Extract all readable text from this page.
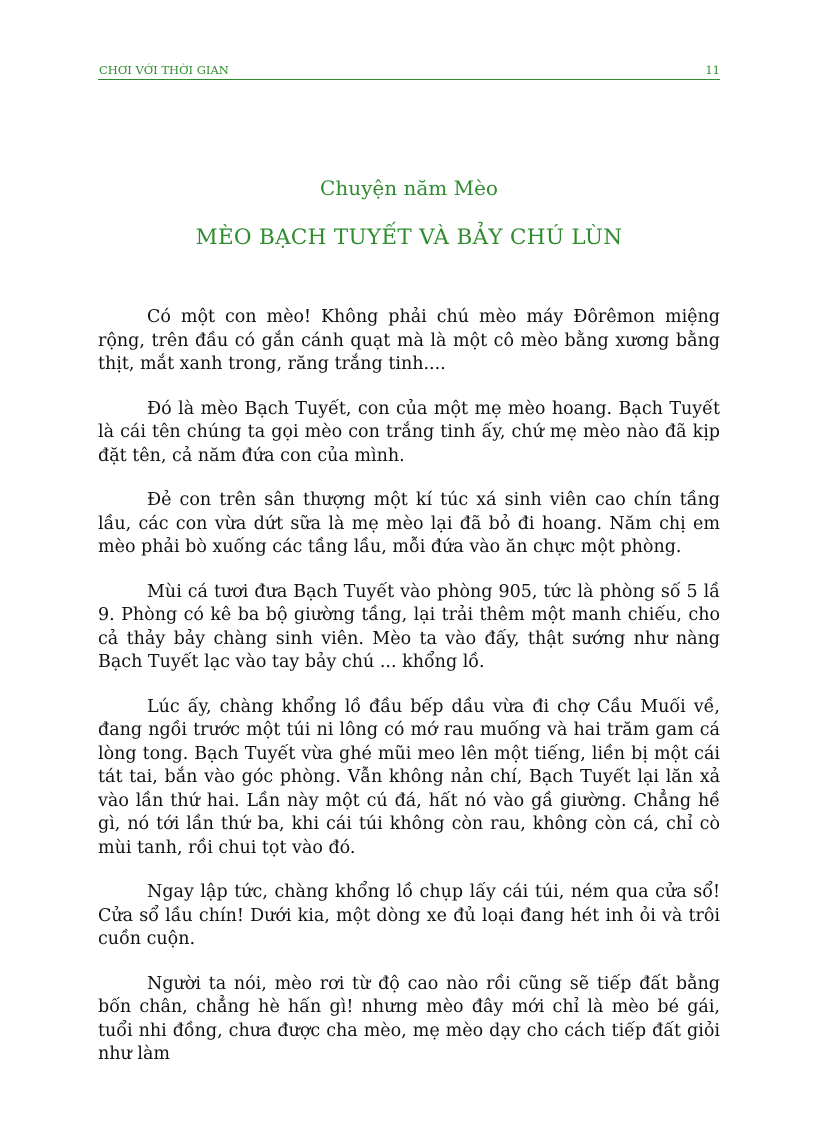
CHƠI VỚI THỜI GIAN	11
Chuyện năm Mèo
MÈO BẠCH TUYẾT VÀ BẢY CHÚ LÙN

Có một con mèo! Không phải chú mèo máy Đôrêmon miệng rộng, trên đầu có gắn cánh quạt mà là một cô mèo bằng xương bằng thịt, mắt xanh trong, răng trắng tinh....

Đó là mèo Bạch Tuyết, con của một mẹ mèo hoang. Bạch Tuyết là cái tên chúng ta gọi mèo con trắng tinh ấy, chứ mẹ mèo nào đã kịp đặt tên, cả năm đứa con của mình.

Đẻ con trên sân thượng một kí túc xá sinh viên cao chín tầng lầu, các con vừa dứt sữa là mẹ mèo lại đã bỏ đi hoang. Năm chị em mèo phải bò xuống các tầng lầu, mỗi đứa vào ăn chực một phòng.

Mùi cá tươi đưa Bạch Tuyết vào phòng 905, tức là phòng số 5 lầ 9. Phòng có kê ba bộ giường tầng, lại trải thêm một manh chiếu, cho cả thảy bảy chàng sinh viên. Mèo ta vào đấy, thật sướng như nàng Bạch Tuyết lạc vào tay bảy chú ... khổng lồ.

Lúc ấy, chàng khổng lồ đầu bếp dầu vừa đi chợ Cầu Muối về, đang ngồi trước một túi ni lông có mớ rau muống và hai trăm gam cá lòng tong. Bạch Tuyết vừa ghé mũi meo lên một tiếng, liền bị một cái tát tai, bắn vào góc phòng. Vẫn không nản chí, Bạch Tuyết lại lăn xả vào lần thứ hai. Lần này một cú đá, hất nó vào gầ giường. Chẳng hề gì, nó tới lần thứ ba, khi cái túi không còn rau, không còn cá, chỉ cò mùi tanh, rồi chui tọt vào đó.

Ngay lập tức, chàng khổng lồ chụp lấy cái túi, ném qua cửa sổ! Cửa sổ lầu chín! Dưới kia, một dòng xe đủ loại đang hét inh ỏi và trôi cuồn cuộn.

Người ta nói, mèo rơi từ độ cao nào rồi cũng sẽ tiếp đất bằng bốn chân, chẳng hè hấn gì! nhưng mèo đây mới chỉ là mèo bé gái, tuổi nhi đồng, chưa được cha mèo, mẹ mèo dạy cho cách tiếp đất giỏi như làm
